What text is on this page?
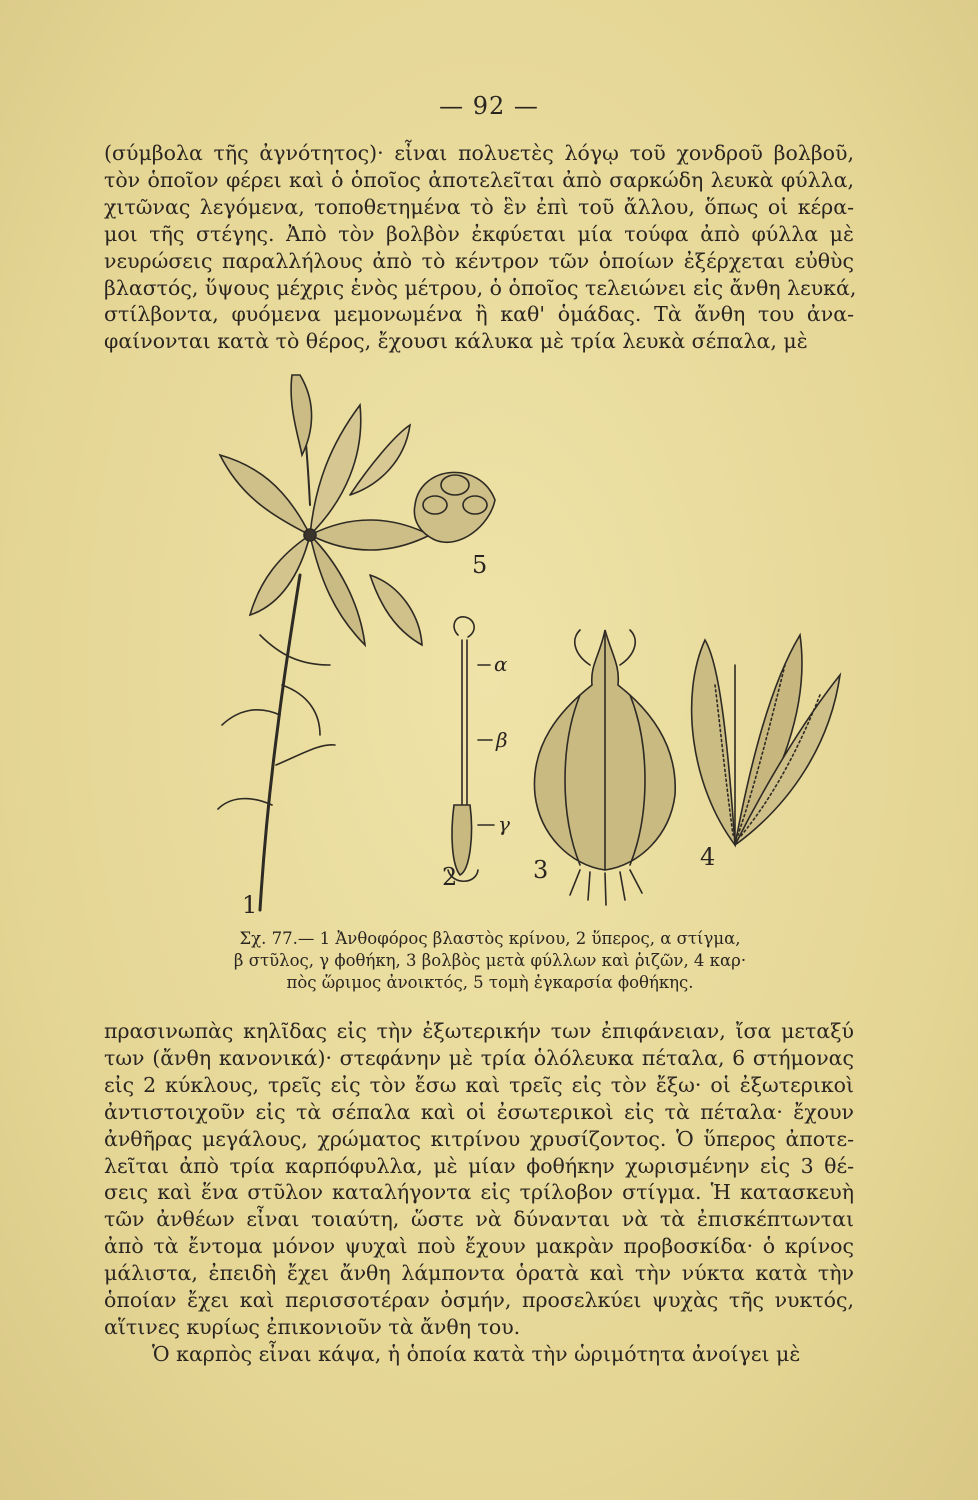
— 92 —

(σύμβολα τῆς ἀγνότητος)· εἶναι πολυετὲς λόγῳ τοῦ χονδροῦ βολβοῦ,
τὸν ὁποῖον φέρει καὶ ὁ ὁποῖος ἀποτελεῖται ἀπὸ σαρκώδη λευκὰ φύλλα,
χιτῶνας λεγόμενα, τοποθετημένα τὸ ἓν ἐπὶ τοῦ ἄλλου, ὅπως οἱ κέρα-
μοι τῆς στέγης. Ἀπὸ τὸν βολβὸν ἐκφύεται μία τούφα ἀπὸ φύλλα μὲ
νευρώσεις παραλλήλους ἀπὸ τὸ κέντρον τῶν ὁποίων ἐξέρχεται εὐθὺς
βλαστός, ὕψους μέχρις ἑνὸς μέτρου, ὁ ὁποῖος τελειώνει εἰς ἄνθη λευκά,
στίλβοντα, φυόμενα μεμονωμένα ἢ καθ' ὁμάδας. Τὰ ἄνθη του ἀνα-
φαίνονται κατὰ τὸ θέρος, ἔχουσι κάλυκα μὲ τρία λευκὰ σέπαλα, μὲ

1
2	3	4
5
α
β
γ
Σχ. 77.— 1 Ἀνθοφόρος βλαστὸς κρίνου, 2 ὕπερος, α στίγμα,
β στῦλος, γ ϕοθήκη, 3 βολβὸς μετὰ φύλλων καὶ ῥιζῶν, 4 καρ·
πὸς ὥριμος ἀνοικτός, 5 τομὴ ἐγκαρσία ϕοθήκης.

πρασινωπὰς κηλῖδας εἰς τὴν ἐξωτερικήν των ἐπιφάνειαν, ἴσα μεταξύ
των (ἄνθη κανονικά)· στεφάνην μὲ τρία ὁλόλευκα πέταλα, 6 στήμονας
εἰς 2 κύκλους, τρεῖς εἰς τὸν ἔσω καὶ τρεῖς εἰς τὸν ἔξω· οἱ ἐξωτερικοὶ
ἀντιστοιχοῦν εἰς τὰ σέπαλα καὶ οἱ ἐσωτερικοὶ εἰς τὰ πέταλα· ἔχουν
ἀνθῆρας μεγάλους, χρώματος κιτρίνου χρυσίζοντος. Ὁ ὕπερος ἀποτε-
λεῖται ἀπὸ τρία καρπόφυλλα, μὲ μίαν ϕοθήκην χωρισμένην εἰς 3 θέ-
σεις καὶ ἕνα στῦλον καταλήγοντα εἰς τρίλοβον στίγμα. Ἡ κατασκευὴ
τῶν ἀνθέων εἶναι τοιαύτη, ὥστε νὰ δύνανται νὰ τὰ ἐπισκέπτωνται
ἀπὸ τὰ ἔντομα μόνον ψυχαὶ ποὺ ἔχουν μακρὰν προβοσκίδα· ὁ κρίνος
μάλιστα, ἐπειδὴ ἔχει ἄνθη λάμποντα ὁρατὰ καὶ τὴν νύκτα κατὰ τὴν
ὁποίαν ἔχει καὶ περισσοτέραν ὀσμήν, προσελκύει ψυχὰς τῆς νυκτός,
αἵτινες κυρίως ἐπικονιοῦν τὰ ἄνθη του.
Ὁ καρπὸς εἶναι κάψα, ἡ ὁποία κατὰ τὴν ὡριμότητα ἀνοίγει μὲ
